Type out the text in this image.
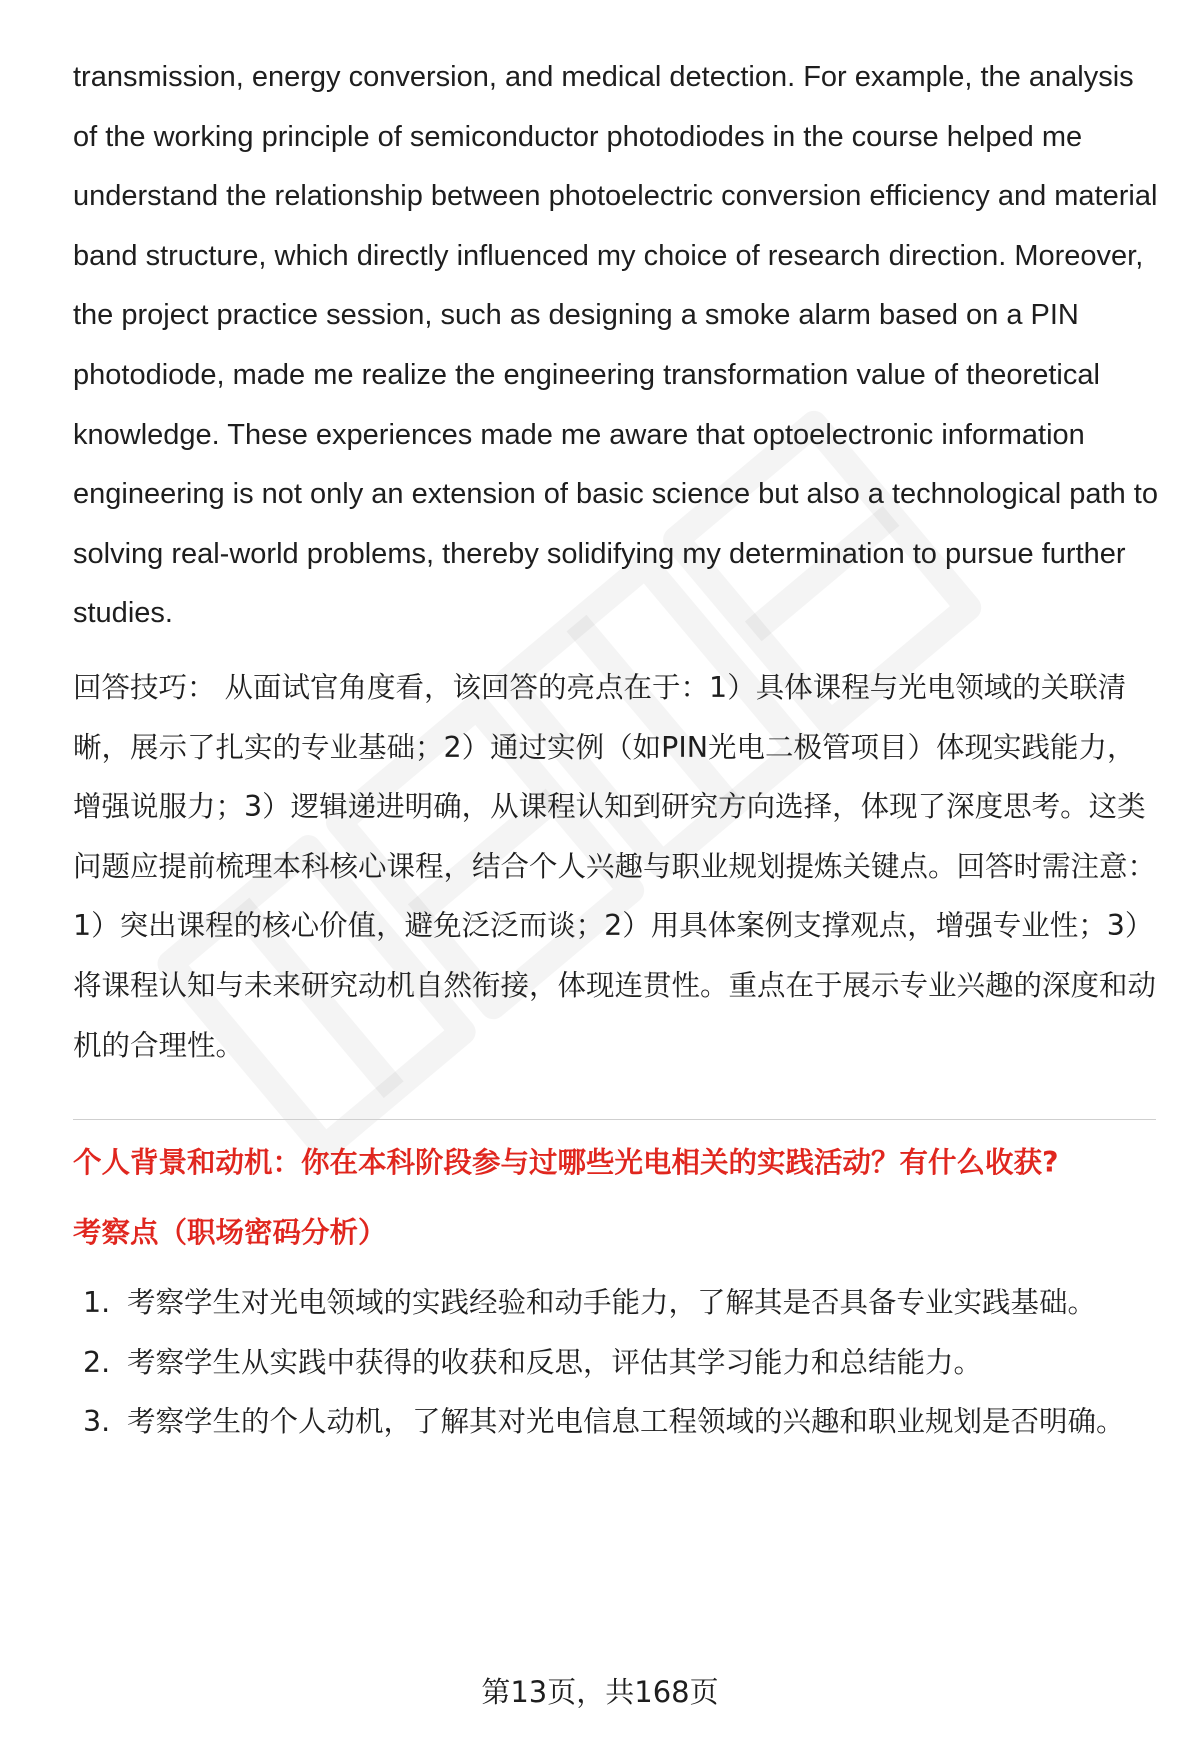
transmission, energy conversion, and medical detection. For example, the analysis of the working principle of semiconductor photodiodes in the course helped me understand the relationship between photoelectric conversion efficiency and material band structure, which directly influenced my choice of research direction. Moreover, the project practice session, such as designing a smoke alarm based on a PIN photodiode, made me realize the engineering transformation value of theoretical knowledge. These experiences made me aware that optoelectronic information engineering is not only an extension of basic science but also a technological path to solving real-world problems, thereby solidifying my determination to pursue further studies.

回答技巧： 从面试官角度看，该回答的亮点在于：1）具体课程与光电领域的关联清晰，展示了扎实的专业基础；2）通过实例（如PIN光电二极管项目）体现实践能力，增强说服力；3）逻辑递进明确，从课程认知到研究方向选择，体现了深度思考。这类问题应提前梳理本科核心课程，结合个人兴趣与职业规划提炼关键点。回答时需注意：1）突出课程的核心价值，避免泛泛而谈；2）用具体案例支撑观点，增强专业性；3）将课程认知与未来研究动机自然衔接，体现连贯性。重点在于展示专业兴趣的深度和动机的合理性。

个人背景和动机：你在本科阶段参与过哪些光电相关的实践活动？有什么收获?
考察点（职场密码分析）
1. 考察学生对光电领域的实践经验和动手能力，了解其是否具备专业实践基础。
2. 考察学生从实践中获得的收获和反思，评估其学习能力和总结能力。
3. 考察学生的个人动机，了解其对光电信息工程领域的兴趣和职业规划是否明确。
第13页，共168页
